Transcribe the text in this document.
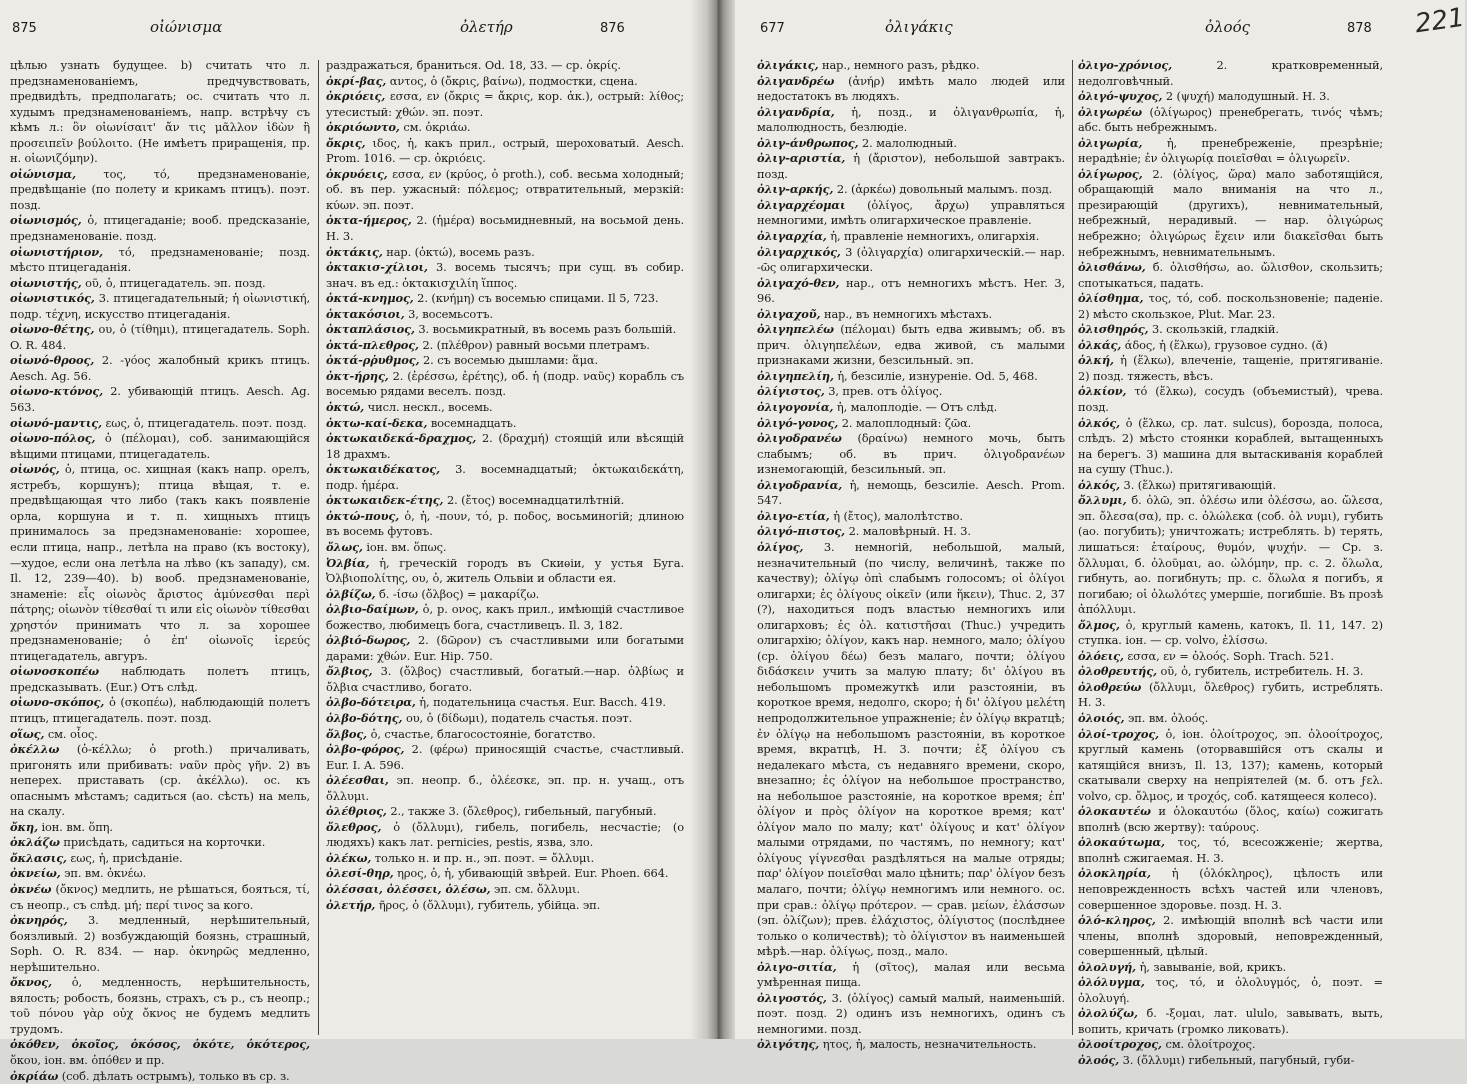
875	οἰώνισμα	ὀλετήρ	876

цѣлью узнать будущее. b) считать что л. предзнаменованіемъ, предчувствовать, предвидѣть, предполагать; ос. считать что л. худымъ предзнаменованіемъ, напр. встрѣчу съ кѣмъ л.: ὃν οἰωνίσαιτ' ἄν τις μᾶλλον ἰδὼν ἢ προσειπεῖν βούλοιτο. (Не имѣетъ приращенія, пр. н. οἰωνιζόμην).

οἰώνισμα, τος, τό, предзнаменованіе, предвѣщаніе (по полету и крикамъ птицъ). поэт. позд.

οἰωνισμός, ὁ, птицегаданіе; вооб. предсказаніе, предзнаменованіе. позд.

οἰωνιστήριον, τό, предзнаменованіе; позд. мѣсто птицегаданія.

οἰωνιστής, οῦ, ὁ, птицегадатель. эп. позд.

οἰωνιστικός, 3. птицегадательный; ἡ οἰωνιστική, подр. τέχνη, искусство птицегаданія.

οἰωνο-θέτης, ου, ὁ (τίθημι), птицегадатель. Soph. O. R. 484.

οἰωνό-θροος, 2. -γόος жалобный крикъ птицъ. Aesch. Ag. 56.

οἰωνο-κτόνος, 2. убивающій птицъ. Aesch. Ag. 563.

οἰωνό-μαντις, εως, ὁ, птицегадатель. поэт. позд.

οἰωνο-πόλος, ὁ (πέλομαι), соб. занимающійся вѣщими птицами, птицегадатель.

οἰωνός, ὁ, птица, ос. хищная (какъ напр. орелъ, ястребъ, коршунъ); птица вѣщая, т. е. предвѣщающая что либо (такъ какъ появленіе орла, коршуна и т. п. хищныхъ птицъ принималось за предзнаменованіе: хорошее, если птица, напр., летѣла на право (къ востоку), —худое, если она летѣла на лѣво (къ западу), см. Il. 12, 239—40). b) вооб. предзнаменованіе, знаменіе: εἷς οἰωνὸς ἄριστος ἀμύνεσθαι περὶ πάτρης; οἰωνὸν τίθεσθαί τι или εἰς οἰωνὸν τίθεσθαι χρηστόν принимать что л. за хорошее предзнаменованіе; ὁ ἐπ' οἰωνοῖς ἱερεύς птицегадатель, авгуръ.

οἰωνοσκοπέω наблюдать полетъ птицъ, предсказывать. (Eur.) Отъ слѣд.

οἰωνο-σκόπος, ὁ (σκοπέω), наблюдающій полетъ птицъ, птицегадатель. поэт. позд.

οἵως, см. οἷος.

ὀκέλλω (ὀ-κέλλω; ὀ proth.) причаливать, пригонять или прибивать: ναῦν πρὸς γῆν. 2) въ неперех. приставать (ср. ἀκέλλω). ос. къ опаснымъ мѣстамъ; садиться (ао. сѣсть) на мель, на скалу.

ὄκη, іон. вм. ὅπη.

ὀκλάζω присѣдать, садиться на корточки.

ὄκλασις, εως, ἡ, присѣданіе.

ὀκνείω, эп. вм. ὀκνέω.

ὀκνέω (ὄκνος) медлить, не рѣшаться, бояться, τί, съ неопр., съ слѣд. μή; περί τινος за кого.

ὀκνηρός, 3. медленный, нерѣшительный, боязливый. 2) возбуждающій боязнь, страшный, Soph. O. R. 834. — нар. ὀκνηρῶς медленно, нерѣшительно.

ὄκνος, ὁ, медленность, нерѣшительность, вялость; робость, боязнь, страхъ, съ р., съ неопр.; τοῦ πόνου γὰρ οὐχ ὄκνος не будемъ медлить трудомъ.

ὁκόθεν, ὁκοῖος, ὁκόσος, ὁκότε, ὁκότερος, ὅκου, іон. вм. ὁπόθεν и пр.

ὀκρίάω (соб. дѣлать острымъ), только въ ср. з.

раздражаться, браниться. Od. 18, 33. — ср. ὀκρίς.

ὀκρί-βας, αντος, ὁ (ὄκρις, βαίνω), подмостки, сцена.

ὀκριόεις, εσσα, εν (ὄκρις = ἄκρις, кор. ἀκ.), острый: λίθος; утесистый: χθών. эп. поэт.

ὀκριόωντο, см. ὀκριάω.

ὄκρις, ιδος, ἡ, какъ прил., острый, шероховатый. Aesch. Prom. 1016. — ср. ὀκριόεις.

ὀκρυόεις, εσσα, εν (κρύος, ὀ proth.), соб. весьма холодный; об. въ пер. ужасный: πόλεμος; отвратительный, мерзкій: κύων. эп. поэт.

ὀκτα-ήμερος, 2. (ἡμέρα) восьмидневный, на восьмой день. Н. 3.

ὀκτάκις, нар. (ὀκτώ), восемь разъ.

ὀκτακισ-χίλιοι, 3. восемь тысячъ; при сущ. въ собир. знач. въ ед.: ὀκτακισχιλίη ἵππος.

ὀκτά-κνημος, 2. (κνήμη) съ восемью спицами. Il 5, 723.

ὀκτακόσιοι, 3, восемьсотъ.

ὀκταπλάσιος, 3. восьмикратный, въ восемь разъ большій.

ὀκτά-πλεθρος, 2. (πλέθρον) равный восьми плетрамъ.

ὀκτά-ρῥυθμος, 2. съ восемью дышлами: ἅμα.

ὀκτ-ήρης, 2. (ἐρέσσω, ἐρέτης), об. ἡ (подр. ναῦς) корабль съ восемью рядами веселъ. позд.

ὀκτώ, числ. нескл., восемь.

ὀκτω-καί-δεκα, восемнадцать.

ὀκτωκαιδεκά-δραχμος, 2. (δραχμή) стоящій или вѣсящій 18 драхмъ.

ὀκτωκαιδέκατος, 3. восемнадцатый; ὀκτωκαιδεκάτη, подр. ἡμέρα.

ὀκτωκαιδεκ-έτης, 2. (ἔτος) восемнадцатилѣтній.

ὀκτώ-πους, ὁ, ἡ, -πουν, τό, р. ποδος, восьминогій; длиною въ восемь футовъ.

ὄλως, іон. вм. ὅπως.

Ὀλβία, ἡ, греческій городъ въ Скиѳіи, у устья Буга. Ὀλβιοπολίτης, ου, ὁ, житель Ольвіи и области ея.

ὀλβίζω, б. -ίσω (ὄλβος) = μακαρίζω.

ὀλβιο-δαίμων, ὁ, р. ονος, какъ прил., имѣющій счастливое божество, любимецъ бога, счастливецъ. Il. 3, 182.

ὀλβιό-δωρος, 2. (δῶρον) съ счастливыми или богатыми дарами: χθών. Eur. Hip. 750.

ὄλβιος, 3. (ὄλβος) счастливый, богатый.—нар. ὀλβίως и ὄλβια счастливо, богато.

ὀλβο-δότειρα, ἡ, подательница счастья. Eur. Bacch. 419.

ὀλβο-δότης, ου, ὁ (δίδωμι), податель счастья. поэт.

ὄλβος, ὁ, счастье, благосостояніе, богатство.

ὀλβο-φόρος, 2. (φέρω) приносящій счастье, счастливый. Eur. I. A. 596.

ὀλέεσθαι, эп. неопр. б., ὀλέεσκε, эп. пр. н. учащ., отъ ὄλλυμι.

ὀλέθριος, 2., также 3. (ὄλεθρος), гибельный, пагубный.

ὄλεθρος, ὁ (ὄλλυμι), гибель, погибель, несчастіе; (о людяхъ) какъ лат. pernicies, pestis, язва, зло.

ὀλέκω, только н. и пр. н., эп. поэт. = ὄλλυμι.

ὀλεσί-θηρ, ηρος, ὁ, ἡ, убивающій звѣрей. Eur. Phoen. 664.

ὀλέσσαι, ὀλέσσει, ὀλέσω, эп. см. ὄλλυμι.

ὀλετήρ, ῆρος, ὁ (ὄλλυμι), губитель, убійца. эп.

677	ὀλιγάκις	ὀλοός	878 221

ὀλιγάκις, нар., немного разъ, рѣдко.

ὀλιγανδρέω (ἀνήρ) имѣть мало людей или недостатокъ въ людяхъ.

ὀλιγανδρία, ἡ, позд., и ὀλιγανθρωπία, ἡ, малолюдность, безлюдіе.

ὀλιγ-άνθρωπος, 2. малолюдный.

ὀλιγ-αριστία, ἡ (ἄριστον), небольшой завтракъ. позд.

ὀλιγ-αρκής, 2. (ἀρκέω) довольный малымъ. позд.

ὀλιγαρχέομαι (ὀλίγος, ἄρχω) управляться немногими, имѣть олигархическое правленіе.

ὀλιγαρχία, ἡ, правленіе немногихъ, олигархія.

ὀλιγαρχικός, 3 (ὀλιγαρχία) олигархическій.— нар. -ῶς олигархически.

ὀλιγαχό-θεν, нар., отъ немногихъ мѣстъ. Her. 3, 96.

ὀλιγαχοῦ, нар., въ немногихъ мѣстахъ.

ὀλιγηπελέω (πέλομαι) быть едва живымъ; об. въ прич. ὀλιγηπελέων, едва живой, съ малыми признаками жизни, безсильный. эп.

ὀλιγηπελίη, ἡ, безсиліе, изнуреніе. Od. 5, 468.

ὀλίγιστος, 3, прев. отъ ὀλίγος.

ὀλιγογονία, ἡ, малоплодіе. — Отъ слѣд.

ὀλιγό-γονος, 2. малоплодный: ζῶα.

ὀλιγοδρανέω (δραίνω) немного мочь, быть слабымъ; об. въ прич. ὀλιγοδρανέων изнемогающій, безсильный. эп.

ὀλιγοδρανία, ἡ, немощь, безсиліе. Aesch. Prom. 547.

ὀλιγο-ετία, ἡ (ἔτος), малолѣтство.

ὀλιγό-πιστος, 2. маловѣрный. Н. 3.

ὀλίγος, 3. немногій, небольшой, малый, незначительный (по числу, величинѣ, также по качеству); ὀλίγῳ ὀπὶ слабымъ голосомъ; οἱ ὀλίγοι олигархи; ἐς ὀλίγους οἰκεῖν (или ἥκειν), Thuc. 2, 37 (?), находиться подъ властью немногихъ или олигарховъ; ἐς ὀλ. κατιστῆσαι (Thuc.) учредить олигархію; ὀλίγον, какъ нар. немного, мало; ὀλίγου (ср. ὀλίγου δέω) безъ малаго, почти; ὀλίγου διδάσκειν учить за малую плату; δι' ὀλίγου въ небольшомъ промежуткѣ или разстояніи, въ короткое время, недолго, скоро; ἡ δι' ὀλίγου μελέτη непродолжительное упражненіе; ἐν ὀλίγῳ вкратцѣ; ἐν ὀλίγῳ на небольшомъ разстояніи, въ короткое время, вкратцѣ, Н. 3. почти; ἐξ ὀλίγου съ недалекаго мѣста, съ недавняго времени, скоро, внезапно; ἐς ὀλίγον на небольшое пространство, на небольшое разстояніе, на короткое время; ἐπ' ὀλίγον и πρὸς ὀλίγον на короткое время; κατ' ὀλίγον мало по малу; κατ' ὀλίγους и κατ' ὀλίγον малыми отрядами, по частямъ, по немногу; κατ' ὀλίγους γίγνεσθαι раздѣляться на малые отряды; παρ' ὀλίγον ποιεῖσθαι мало цѣнить; παρ' ὀλίγον безъ малаго, почти; ὀλίγῳ немногимъ или немного. ос. при срав.: ὀλίγῳ πρότερον. — срав. μείων, ἐλάσσων (эп. ὀλίζων); прев. ἐλάχιστος, ὀλίγιστος (послѣднее только о количествѣ); τὸ ὀλίγιστον въ наименьшей мѣрѣ.—нар. ὀλίγως, позд., мало.

ὀλιγο-σιτία, ἡ (σῖτος), малая или весьма умѣренная пища.

ὀλιγοστός, 3. (ὀλίγος) самый малый, наименьшій. поэт. позд. 2) одинъ изъ немногихъ, одинъ съ немногими. позд.

ὀλιγότης, ητος, ἡ, малость, незначительность.

ὀλιγο-χρόνιος, 2. кратковременный, недолговѣчный.

ὀλιγό-ψυχος, 2 (ψυχή) малодушный. Н. 3.

ὀλιγωρέω (ὀλίγωρος) пренебрегать, τινός чѣмъ; абс. быть небрежнымъ.

ὀλιγωρία, ἡ, пренебреженіе, презрѣніе; нерадѣніе; ἐν ὀλιγωρίᾳ ποιεῖσθαι = ὀλιγωρεῖν.

ὀλίγωρος, 2. (ὀλίγος, ὥρα) мало заботящійся, обращающій мало вниманія на что л., презирающій (другихъ), невнимательный, небрежный, нерадивый. — нар. ὀλιγώρως небрежно; ὀλιγώρως ἔχειν или διακεῖσθαι быть небрежнымъ, невнимательнымъ.

ὀλισθάνω, б. ὀλισθήσω, ао. ὤλισθον, скользить; спотыкаться, падать.

ὀλίσθημα, τος, τό, соб. поскользновеніе; паденіе. 2) мѣсто скользкое, Plut. Mar. 23.

ὀλισθηρός, 3. скользкій, гладкій.

ὁλκάς, άδος, ἡ (ἕλκω), грузовое судно. (ᾰ)

ὁλκή, ἡ (ἕλκω), влеченіе, тащеніе, притягиваніе. 2) позд. тяжесть, вѣсъ.

ὁλκίον, τό (ἕλκω), сосудъ (объемистый), чрева. позд.

ὁλκός, ὁ (ἕλκω, ср. лат. sulcus), борозда, полоса, слѣдъ. 2) мѣсто стоянки кораблей, вытащенныхъ на берегъ. 3) машина для вытаскиванія кораблей на сушу (Thuc.).

ὁλκός, 3. (ἕλκω) притягивающій.

ὄλλυμι, б. ὀλῶ, эп. ὀλέσω или ὀλέσσω, ао. ὤλεσα, эп. ὄλεσα(σα), пр. с. ὀλώλεκα (соб. ὀλ νυμι), губить (ао. погубить); уничтожать; истреблять. b) терять, лишаться: ἑταίρους, θυμόν, ψυχήν. — Ср. з. ὄλλυμαι, б. ὀλοῦμαι, ао. ὠλόμην, пр. с. 2. ὄλωλα, гибнуть, ао. погибнуть; пр. с. ὄλωλα я погибъ, я погибаю; οἱ ὀλωλότες умершіе, погибшіе. Въ прозѣ ἀπόλλυμι.

ὄλμος, ὁ, круглый камень, катокъ, Il. 11, 147. 2) ступка. іон. — ср. volvo, ἐλίσσω.

ὀλόεις, εσσα, εν = ὀλοός. Soph. Trach. 521.

ὀλοθρευτής, οῦ, ὁ, губитель, истребитель. Н. 3.

ὀλοθρεύω (ὄλλυμι, ὄλεθρος) губить, истреблять. Н. 3.

ὀλοιός, эп. вм. ὀλοός.

ὀλοί-τροχος, ὁ, іон. ὀλοίτροχος, эп. ὀλοοίτροχος, круглый камень (оторвавшійся отъ скалы и катящійся внизъ, Il. 13, 137); камень, который скатывали сверху на непріятелей (м. б. отъ ϝελ. volvo, ср. ὄλμος, и τροχός, соб. катящееся колесо).

ὁλοκαυτέω и ὁλοκαυτόω (ὅλος, καίω) сожигать вполнѣ (всю жертву): ταύρους.

ὁλοκαύτωμα, τος, τό, всесожженіе; жертва, вполнѣ сжигаемая. Н. 3.

ὁλοκληρία, ἡ (ὁλόκληρος), цѣлость или неповрежденность всѣхъ частей или членовъ, совершенное здоровье. позд. Н. 3.

ὁλό-κληρος, 2. имѣющій вполнѣ всѣ части или члены, вполнѣ здоровый, неповрежденный, совершенный, цѣлый.

ὀλολυγή, ἡ, завываніе, вой, крикъ.

ὀλόλυγμα, τος, τό, и ὀλολυγμός, ὁ, поэт. = ὀλολυγή.

ὀλολύζω, б. -ξομαι, лат. ululo, завывать, выть, вопить, кричать (громко ликовать).

ὀλοοίτροχος, см. ὀλοίτροχος.

ὀλοός, 3. (ὄλλυμι) гибельный, пагубный, губи-
